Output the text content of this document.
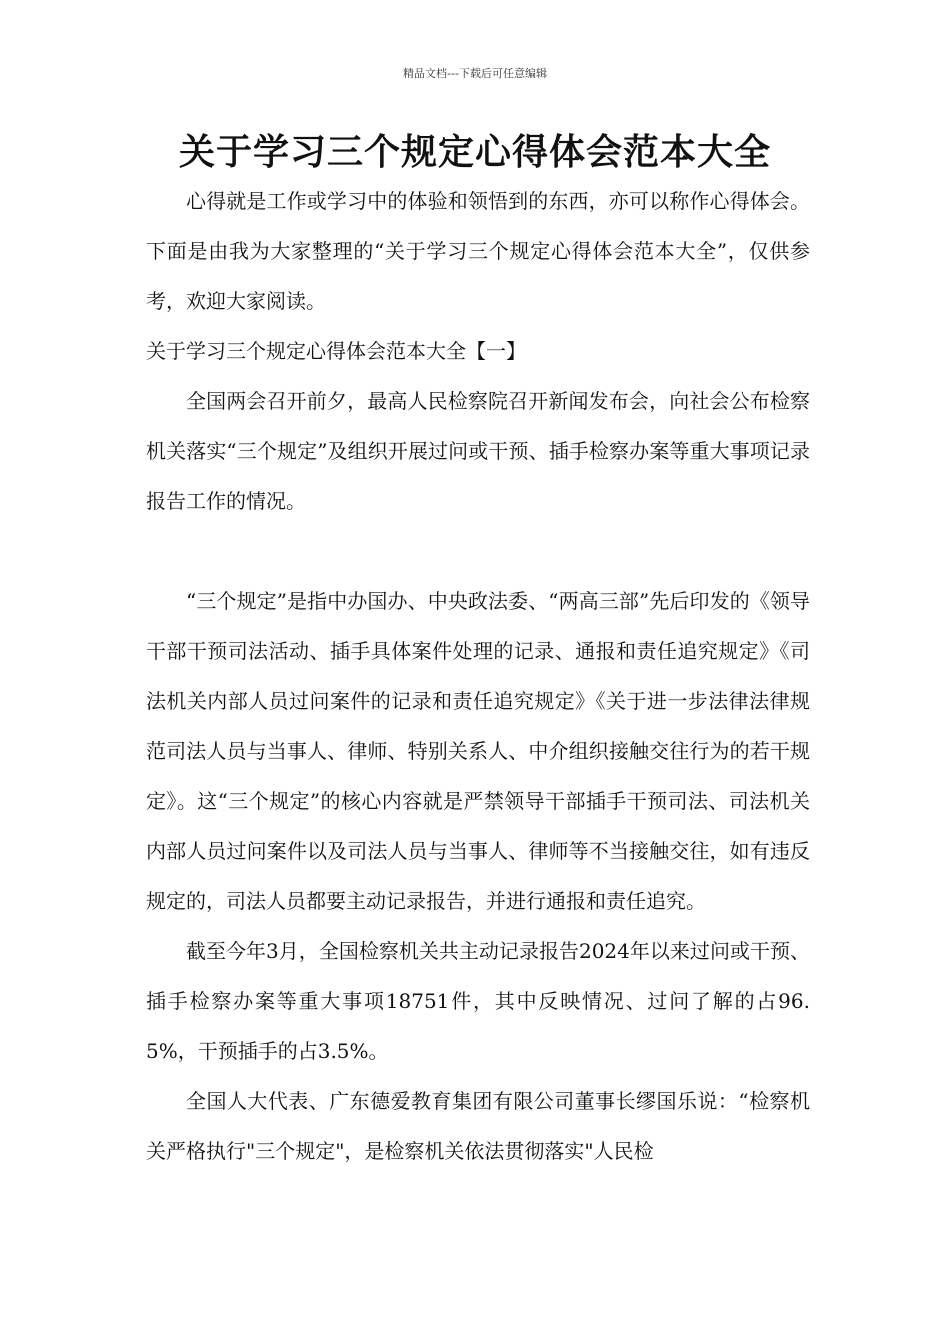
精品文档---下载后可任意编辑
关于学习三个规定心得体会范本大全

心得就是工作或学习中的体验和领悟到的东西，亦可以称作心得体会。下面是由我为大家整理的“关于学习三个规定心得体会范本大全”，仅供参考，欢迎大家阅读。

关于学习三个规定心得体会范本大全【一】

全国两会召开前夕，最高人民检察院召开新闻发布会，向社会公布检察机关落实“三个规定”及组织开展过问或干预、插手检察办案等重大事项记录报告工作的情况。

“三个规定”是指中办国办、中央政法委、“两高三部”先后印发的《领导干部干预司法活动、插手具体案件处理的记录、通报和责任追究规定》《司法机关内部人员过问案件的记录和责任追究规定》《关于进一步法律法律规范司法人员与当事人、律师、特别关系人、中介组织接触交往行为的若干规定》。这“三个规定”的核心内容就是严禁领导干部插手干预司法、司法机关内部人员过问案件以及司法人员与当事人、律师等不当接触交往，如有违反规定的，司法人员都要主动记录报告，并进行通报和责任追究。

截至今年3月，全国检察机关共主动记录报告2024年以来过问或干预、插手检察办案等重大事项18751件，其中反映情况、过问了解的占96.5%，干预插手的占3.5%。

全国人大代表、广东德爱教育集团有限公司董事长缪国乐说：“检察机关严格执行"三个规定"，是检察机关依法贯彻落实"人民检
